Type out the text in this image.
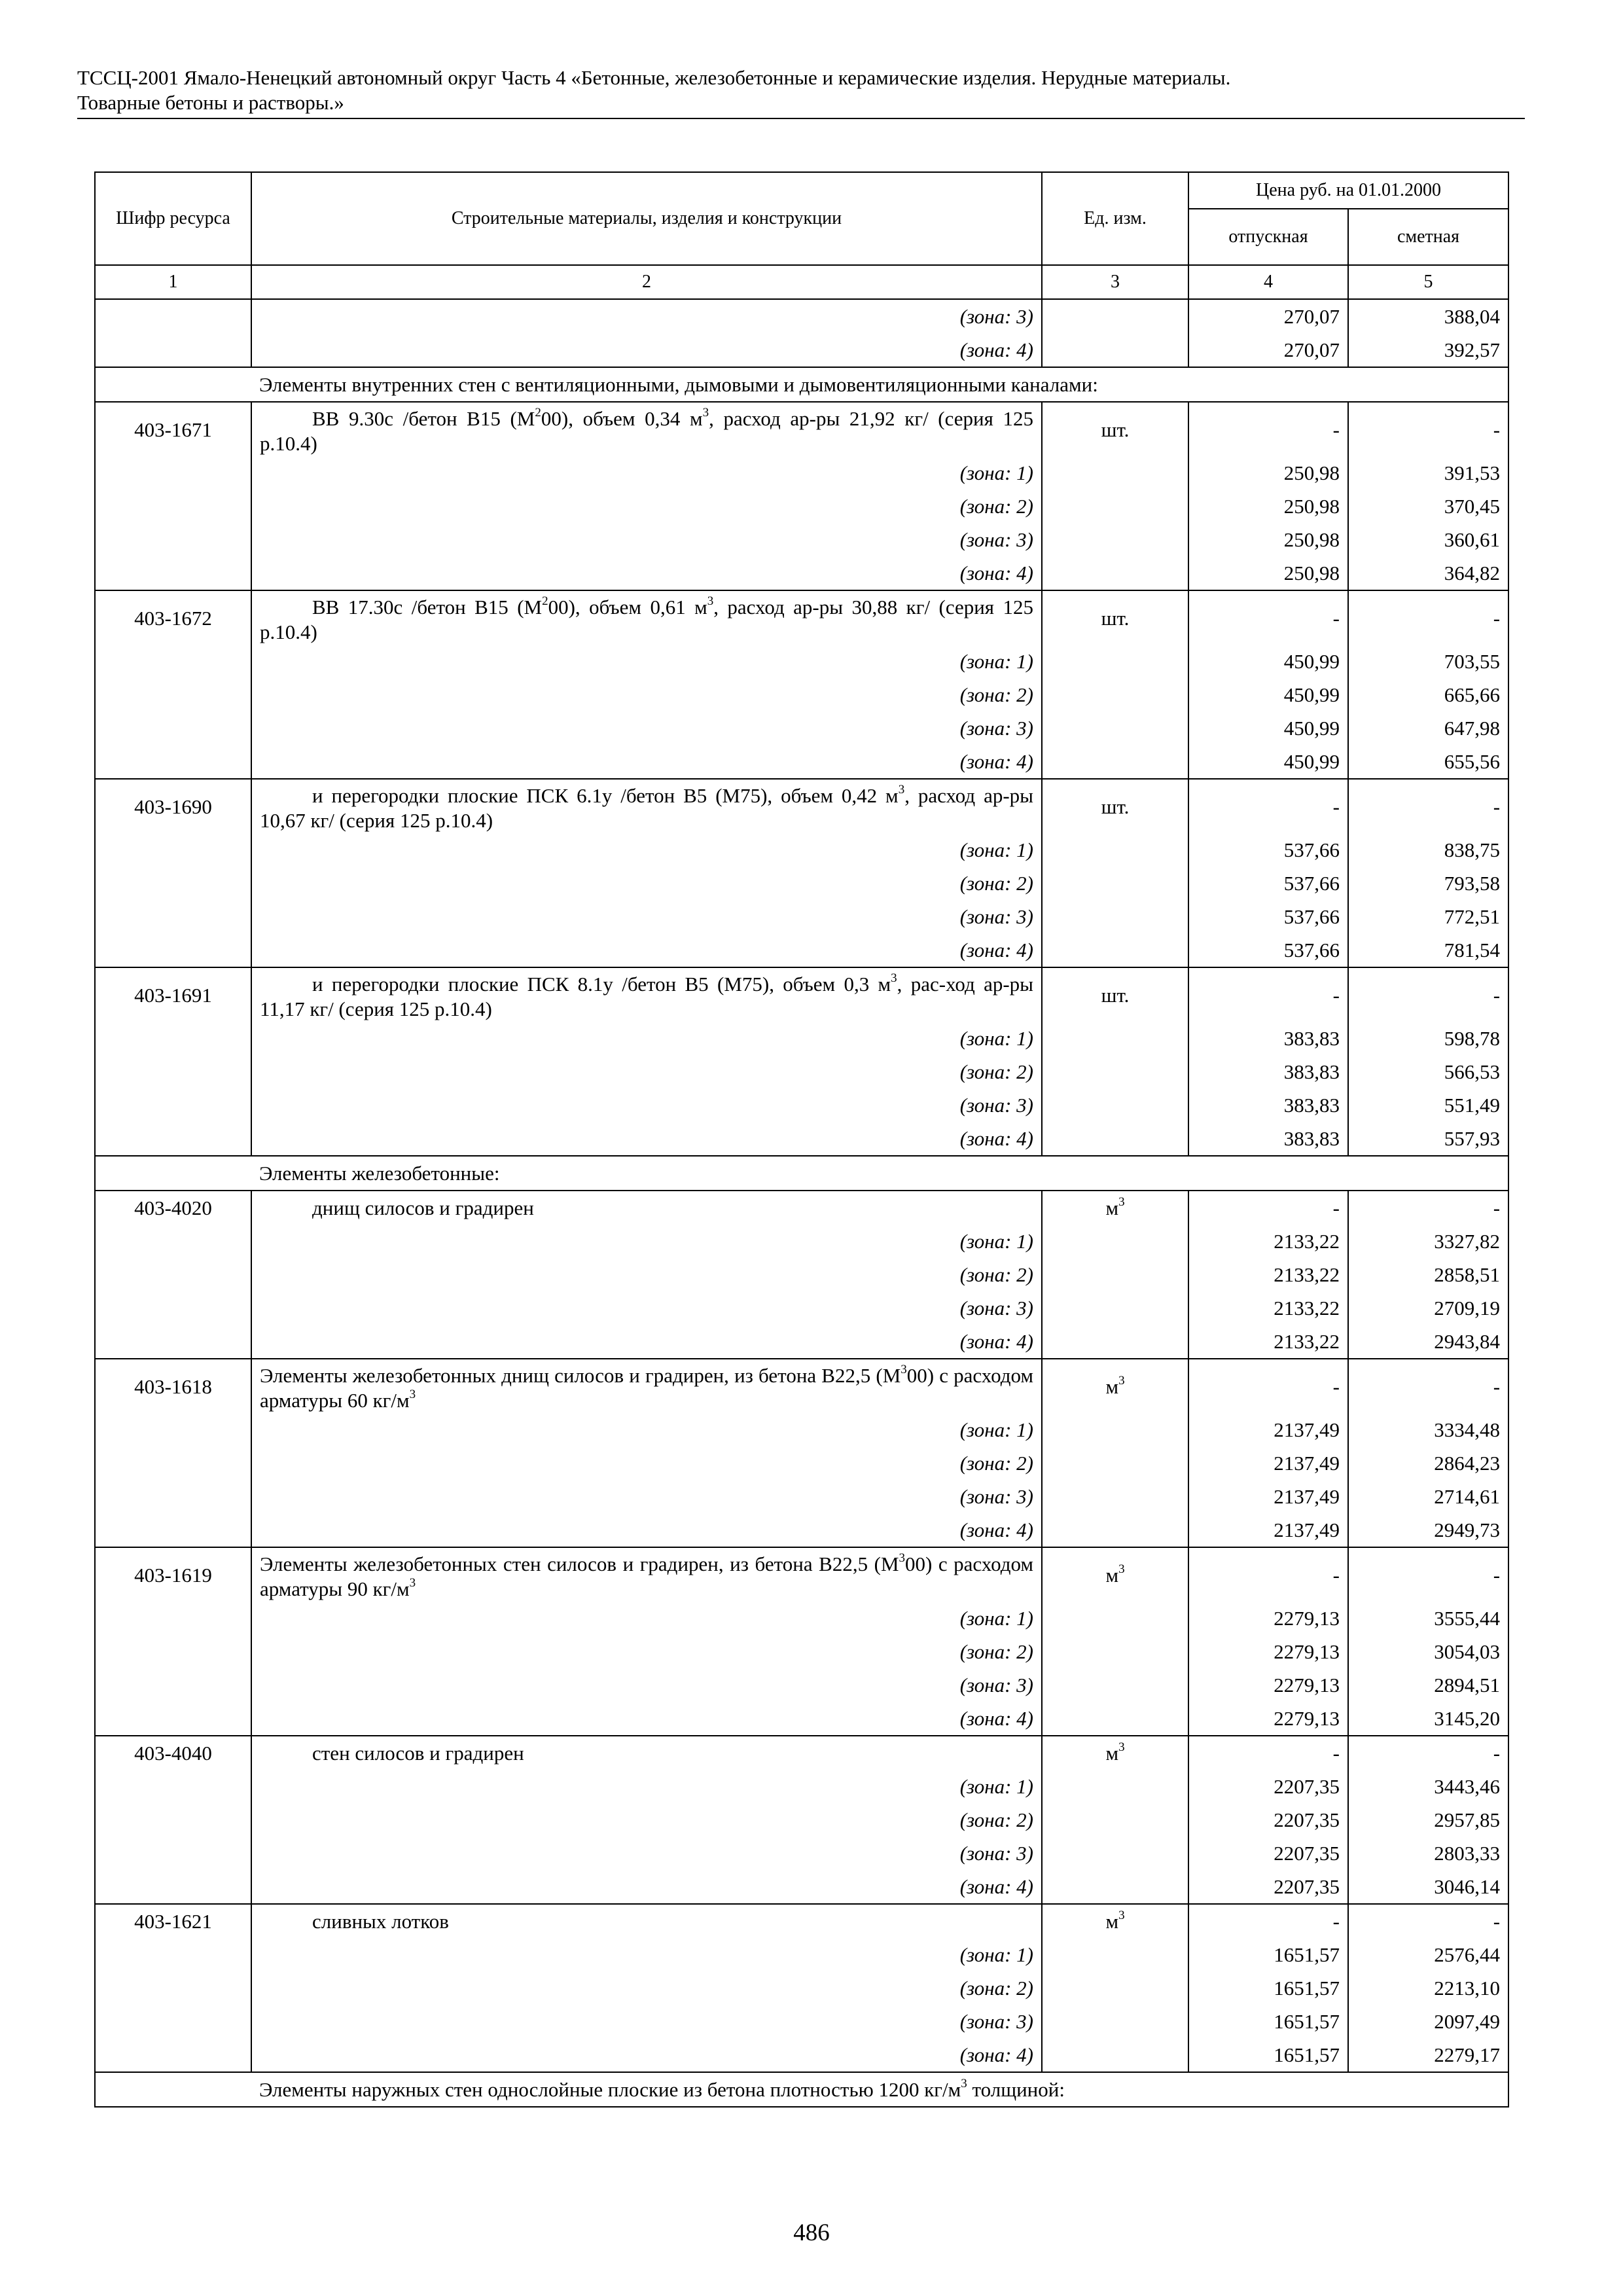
ТССЦ-2001 Ямало-Ненецкий автономный округ Часть 4 «Бетонные, железобетонные и керамические изделия. Нерудные материалы.
Товарные бетоны и растворы.»
Шифр ресурса	Строительные материалы, изделия и конструкции	Ед. изм.	Цена руб. на 01.01.2000	
			отпускная	сметная
1	2	3	4	5
	(зона: 3)		270,07	388,04
	(зона: 4)		270,07	392,57
Элементы внутренних стен с вентиляционными, дымовыми и дымовентиляционными каналами:				
403-1671	ВВ 9.30с /бетон В15 $(М^200)$, объем 0,34 $м^3$, расход ар-ры 21,92 кг/ (серия 125 р.10.4)	шт.	-	-
	(зона: 1)		250,98	391,53
	(зона: 2)		250,98	370,45
	(зона: 3)		250,98	360,61
	(зона: 4)		250,98	364,82
403-1672	ВВ 17.30с /бетон В15 $(М^200)$, объем 0,61 $м^3$, расход ар-ры 30,88 кг/ (серия 125 р.10.4)	шт.	-	-
	(зона: 1)		450,99	703,55
	(зона: 2)		450,99	665,66
	(зона: 3)		450,99	647,98
	(зона: 4)		450,99	655,56
403-1690	и перегородки плоские ПСК 6.1у /бетон В5 (М75), объем 0,42 $м^3$, расход ар-ры 10,67 кг/ (серия 125 р.10.4)	шт.	-	-
	(зона: 1)		537,66	838,75
	(зона: 2)		537,66	793,58
	(зона: 3)		537,66	772,51
	(зона: 4)		537,66	781,54
403-1691	и перегородки плоские ПСК 8.1у /бетон В5 (М75), объем 0,3 $м^3$, рас-ход ар-ры 11,17 кг/ (серия 125 р.10.4)	шт.	-	-
	(зона: 1)		383,83	598,78
	(зона: 2)		383,83	566,53
	(зона: 3)		383,83	551,49
	(зона: 4)		383,83	557,93
Элементы железобетонные:				
403-4020	днищ силосов и градирен	$м^3$	-	-
	(зона: 1)		2133,22	3327,82
	(зона: 2)		2133,22	2858,51
	(зона: 3)		2133,22	2709,19
	(зона: 4)		2133,22	2943,84
403-1618	Элементы железобетонных днищ силосов и градирен, из бетона В22,5 $(М^300)$ с расходом арматуры 60 $кг/м^3$	$м^3$	-	-
	(зона: 1)		2137,49	3334,48
	(зона: 2)		2137,49	2864,23
	(зона: 3)		2137,49	2714,61
	(зона: 4)		2137,49	2949,73
403-1619	Элементы железобетонных стен силосов и градирен, из бетона В22,5 $(М^300)$ с расходом арматуры 90 $кг/м^3$	$м^3$	-	-
	(зона: 1)		2279,13	3555,44
	(зона: 2)		2279,13	3054,03
	(зона: 3)		2279,13	2894,51
	(зона: 4)		2279,13	3145,20
403-4040	стен силосов и градирен	$м^3$	-	-
	(зона: 1)		2207,35	3443,46
	(зона: 2)		2207,35	2957,85
	(зона: 3)		2207,35	2803,33
	(зона: 4)		2207,35	3046,14
403-1621	сливных лотков	$м^3$	-	-
	(зона: 1)		1651,57	2576,44
	(зона: 2)		1651,57	2213,10
	(зона: 3)		1651,57	2097,49
	(зона: 4)		1651,57	2279,17
Элементы наружных стен однослойные плоские из бетона плотностью 1200 $кг/м^3$ толщиной:				
486
